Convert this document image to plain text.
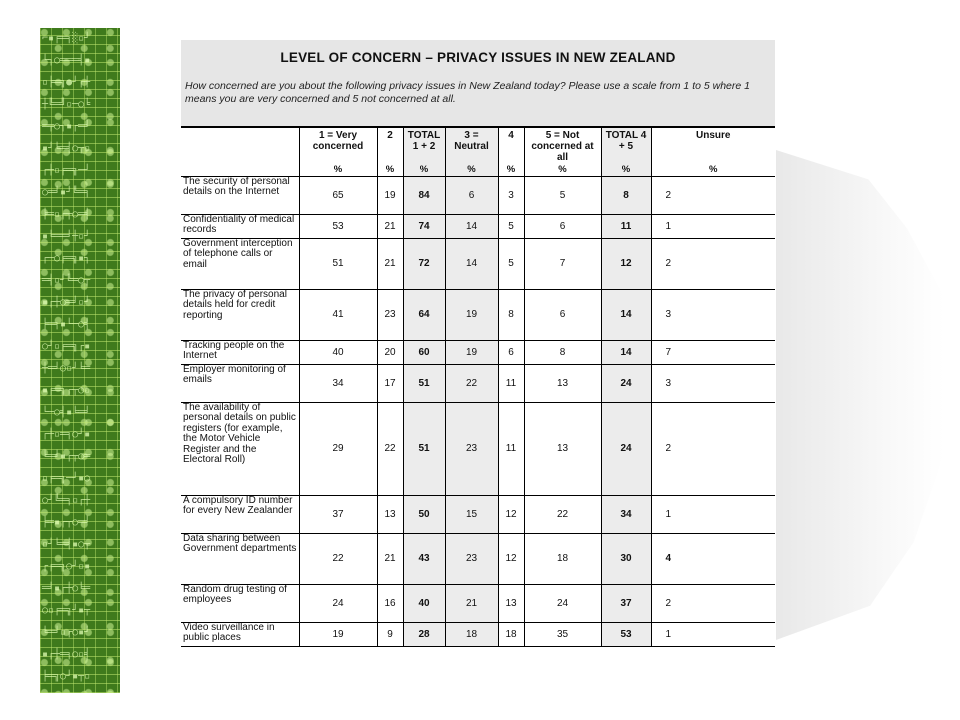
⌐▪╒═╕░▫┘
└┐○═══╡▪
▫╞═╗●┘┌┼
┼╚═╝▫─○╘
═╤○┐▪┌═╛
▪┘╘═╡○┬▫
┌┼▫╒═╗─┘
○═╛▪┘╚═╕
╞═▫┌┬○═╡
▪╘══╛┼▫┘
┌─○╒═╗▪┐
═╡▫┘╚═○┬
▪┌┼○═╛▫┘
╞═╕▪└─○╡
○┘▫╒═╗┌▪
┼═╛○▫┘╘═
▪╒═╗┌┬○▫
└─○╡▪╘═╛
┌┼▫═╕○┘▪
╘═╛▪┌┬○═
▫╒═╗─┘▪○
○┘╚═╕▫┌┼
╞═▪┌┬○═╛
▫┘╘═╡▪○┬
┌╒═╗○┘▫▪
═╛▪┌┼○╘═
○▫╒═╗┘▪┬
╘═╛▫┌○▪┘
▪┌┼═╕○▫╡
╞═╗○┘▪┬▫
LEVEL OF CONCERN – PRIVACY ISSUES IN NEW ZEALAND
How concerned are you about the following privacy issues in New Zealand today? Please use a scale from 1 to 5 where 1 means you are very concerned and 5 not concerned at all.
	1 = Very concerned	2	TOTAL 1 + 2	3 = Neutral	4	5 = Not concerned at all	TOTAL 4 + 5	Unsure
	%	%	%	%	%	%	%	%
The security of personal details on the Internet	65	19	84	6	3	5	8	2
Confidentiality of medical records	53	21	74	14	5	6	11	1
Government interception of telephone calls or email	51	21	72	14	5	7	12	2
The privacy of personal details held for credit reporting	41	23	64	19	8	6	14	3
Tracking people on the Internet	40	20	60	19	6	8	14	7
Employer monitoring of emails	34	17	51	22	11	13	24	3
The availability of personal details on public registers (for example, the Motor Vehicle Register and the Electoral Roll)	29	22	51	23	11	13	24	2
A compulsory ID number for every New Zealander	37	13	50	15	12	22	34	1
Data sharing between Government departments	22	21	43	23	12	18	30	4
Random drug testing of employees	24	16	40	21	13	24	37	2
Video surveillance in public places	19	9	28	18	18	35	53	1
